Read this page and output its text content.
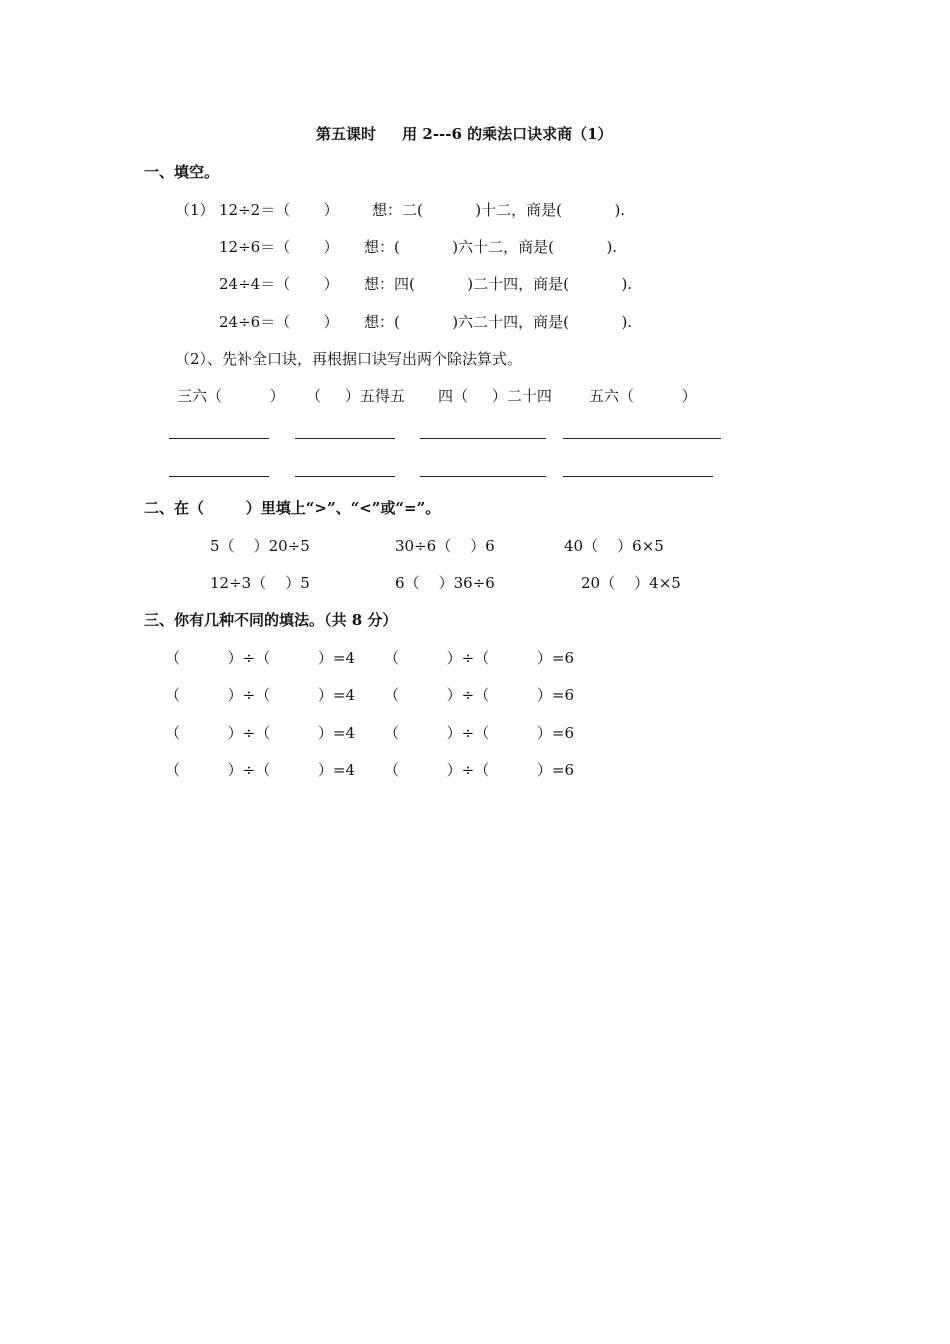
第五课时     用 2---6 的乘法口诀求商（1）
一、填空。
（1） 12÷2＝（       ） 想：二(           )十二，商是(           ).
12÷6＝（       ） 想：(           )六十二，商是(           ).
24÷4＝（       ） 想：四(           )二十四，商是(           ).
24÷6＝（       ） 想：(           )六二十四，商是(           ).
（2）、先补全口诀，再根据口诀写出两个除法算式。
三六（          ） （     ）五得五 四（     ）二十四 五六（          ）
二、在（        ）里填上“>”、“<”或“=”。
5（    ）20÷5	30÷6（    ）6	40（    ）6×5
12÷3（    ）5	6（    ）36÷6	20（    ）4×5
三、你有几种不同的填法。（共 8 分）
（          ）÷（          ）=4 （          ）÷（          ）=6
（          ）÷（          ）=4 （          ）÷（          ）=6
（          ）÷（          ）=4 （          ）÷（          ）=6
（          ）÷（          ）=4 （          ）÷（          ）=6
